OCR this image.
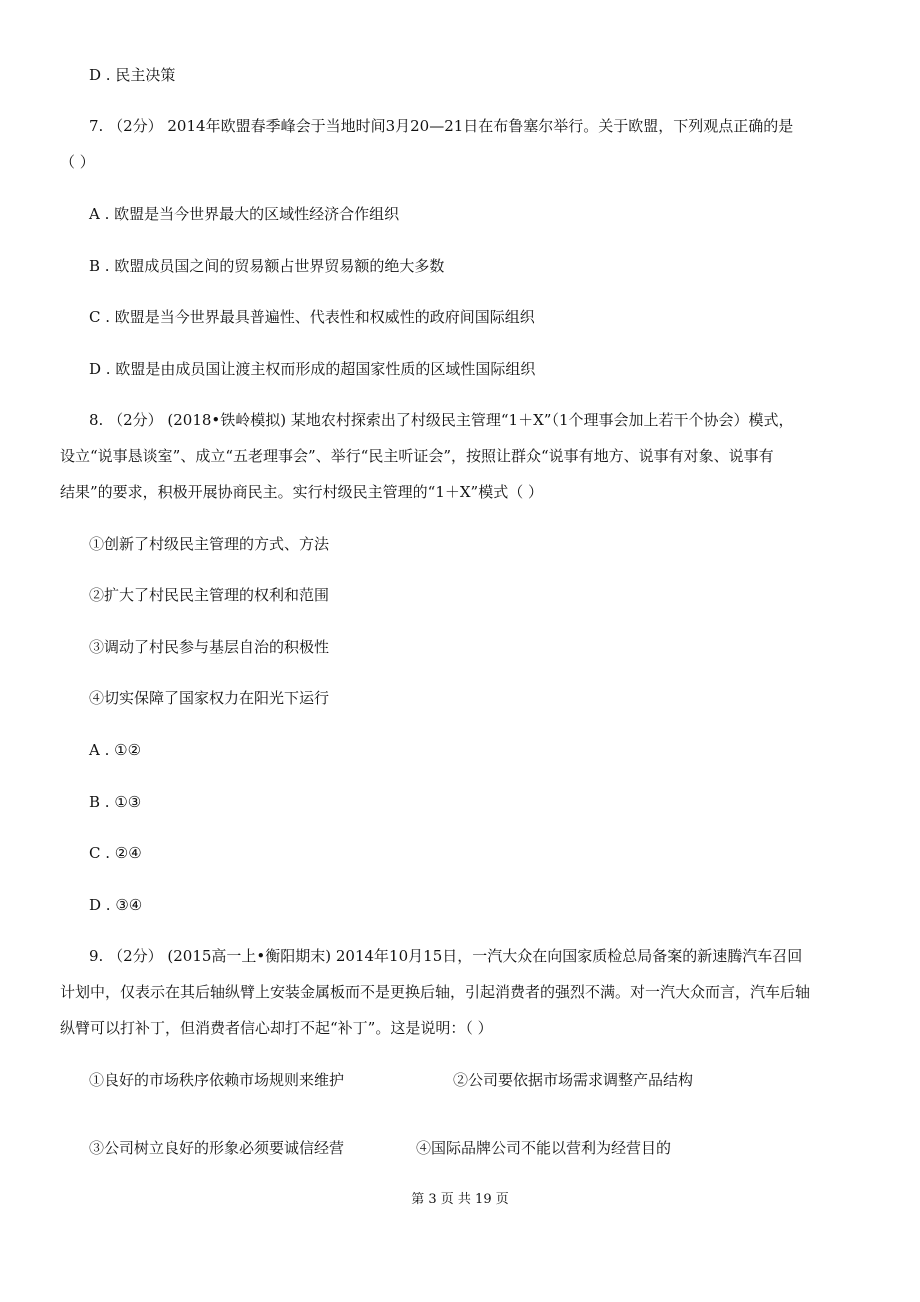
D . 民主决策
7. （2分） 2014年欧盟春季峰会于当地时间3月20—21日在布鲁塞尔举行。关于欧盟，下列观点正确的是
（ ）
A . 欧盟是当今世界最大的区域性经济合作组织
B . 欧盟成员国之间的贸易额占世界贸易额的绝大多数
C . 欧盟是当今世界最具普遍性、代表性和权威性的政府间国际组织
D . 欧盟是由成员国让渡主权而形成的超国家性质的区域性国际组织
8. （2分） (2018•铁岭模拟) 某地农村探索出了村级民主管理“1＋X”（1个理事会加上若干个协会）模式，
设立“说事恳谈室”、成立“五老理事会”、举行“民主听证会”，按照让群众“说事有地方、说事有对象、说事有
结果”的要求，积极开展协商民主。实行村级民主管理的“1＋X”模式（ ）
①创新了村级民主管理的方式、方法
②扩大了村民民主管理的权利和范围
③调动了村民参与基层自治的积极性
④切实保障了国家权力在阳光下运行
A . ①②
B . ①③
C . ②④
D . ③④
9. （2分） (2015高一上•衡阳期末) 2014年10月15日，一汽大众在向国家质检总局备案的新速腾汽车召回
计划中，仅表示在其后轴纵臂上安装金属板而不是更换后轴，引起消费者的强烈不满。对一汽大众而言，汽车后轴
纵臂可以打补丁，但消费者信心却打不起“补丁”。这是说明：（ ）
①良好的市场秩序依赖市场规则来维护	②公司要依据市场需求调整产品结构
③公司树立良好的形象必须要诚信经营	④国际品牌公司不能以营利为经营目的
第 3 页 共 19 页
